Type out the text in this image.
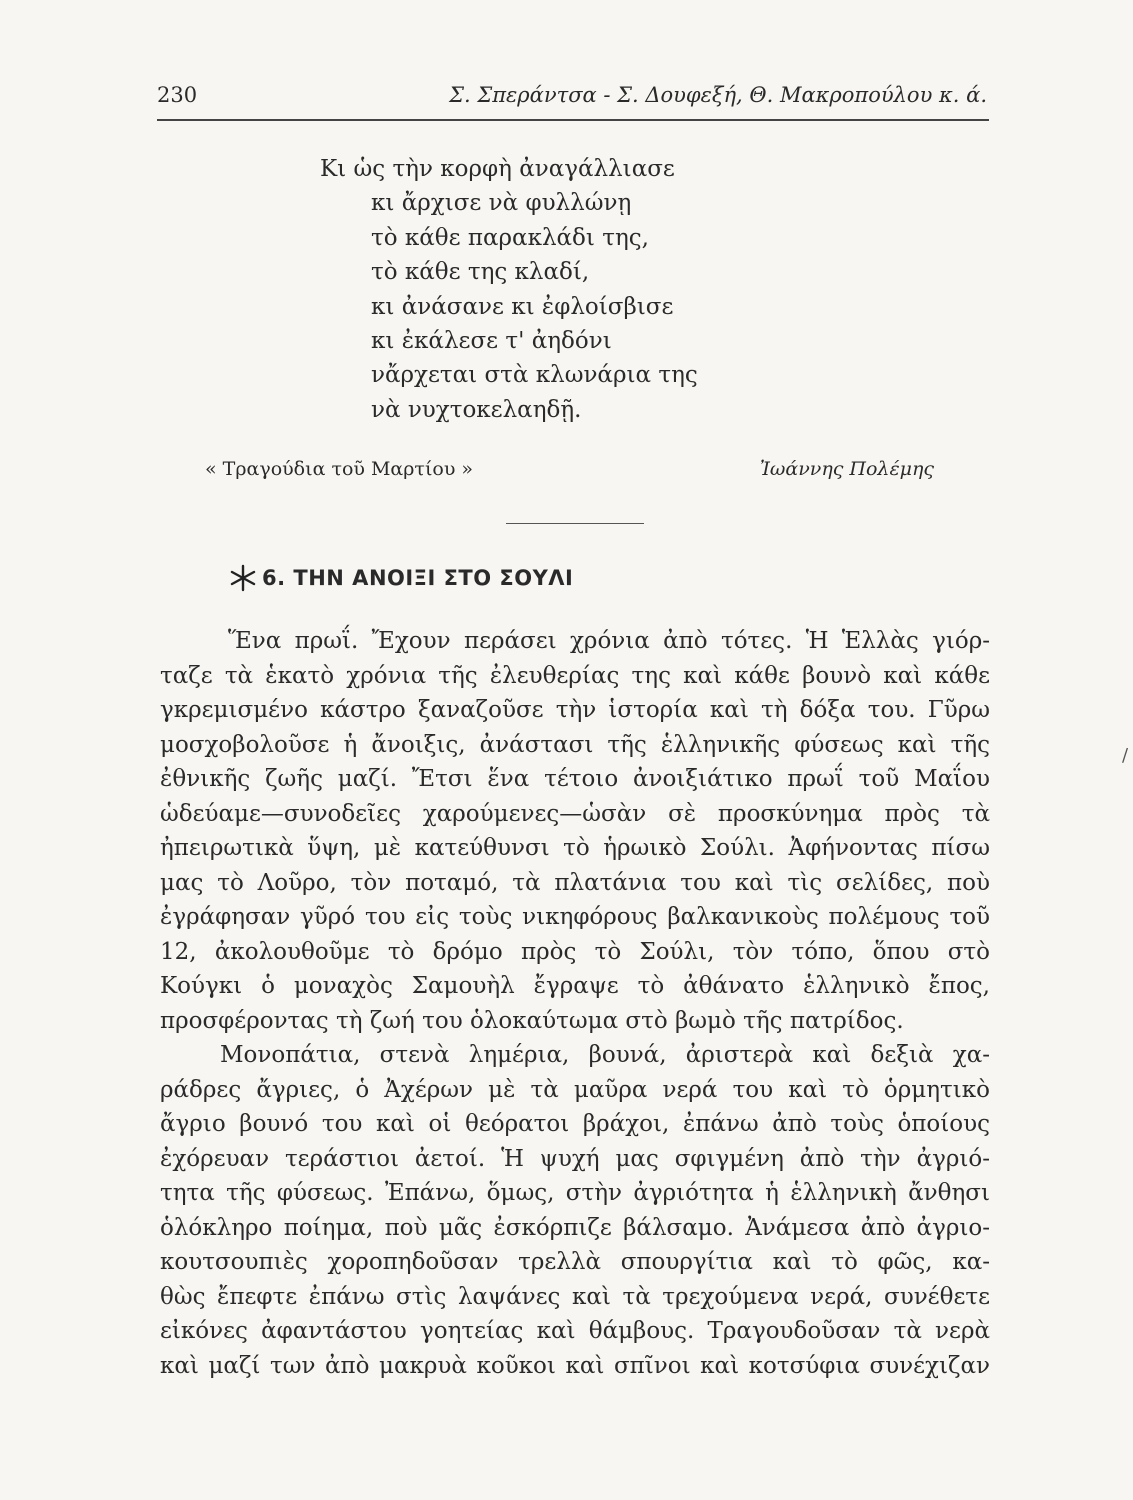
230	Σ. Σπεράντσα - Σ. Δουφεξή, Θ. Μακροπούλου κ. ά.
Κι ὡς τὴν κορφὴ ἀναγάλλιασε
κι ἄρχισε νὰ φυλλώνῃ
τὸ κάθε παρακλάδι της,
τὸ κάθε της κλαδί,
κι ἀνάσανε κι ἐφλοίσβισε
κι ἐκάλεσε τ' ἀηδόνι
νἄρχεται στὰ κλωνάρια της
νὰ νυχτοκελαηδῇ.
« Τραγούδια τοῦ Μαρτίου »	Ἰωάννης Πολέμης
6. ΤΗΝ ΑΝΟΙΞΙ ΣΤΟ ΣΟΥΛΙ
Ἕνα πρωΐ. Ἔχουν περάσει χρόνια ἀπὸ τότες. Ἡ Ἑλλὰς γιόρ-
ταζε τὰ ἑκατὸ χρόνια τῆς ἐλευθερίας της καὶ κάθε βουνὸ καὶ κάθε
γκρεμισμένο κάστρο ξαναζοῦσε τὴν ἱστορία καὶ τὴ δόξα του. Γῦρω
μοσχοβολοῦσε ἡ ἄνοιξις, ἀνάστασι τῆς ἑλληνικῆς φύσεως καὶ τῆς
ἐθνικῆς ζωῆς μαζί. Ἔτσι ἕνα τέτοιο ἀνοιξιάτικο πρωΐ τοῦ Μαΐου
ὡδεύαμε—συνοδεῖες χαρούμενες—ὡσὰν σὲ προσκύνημα πρὸς τὰ
ἠπειρωτικὰ ὕψη, μὲ κατεύθυνσι τὸ ἡρωικὸ Σούλι. Ἀφήνοντας πίσω
μας τὸ Λοῦρο, τὸν ποταμό, τὰ πλατάνια του καὶ τὶς σελίδες, ποὺ
ἐγράφησαν γῦρό του εἰς τοὺς νικηφόρους βαλκανικοὺς πολέμους τοῦ
12, ἀκολουθοῦμε τὸ δρόμο πρὸς τὸ Σούλι, τὸν τόπο, ὅπου στὸ
Κούγκι ὁ μοναχὸς Σαμουὴλ ἔγραψε τὸ ἀθάνατο ἑλληνικὸ ἔπος,
προσφέροντας τὴ ζωή του ὁλοκαύτωμα στὸ βωμὸ τῆς πατρίδος.
Μονοπάτια, στενὰ λημέρια, βουνά, ἀριστερὰ καὶ δεξιὰ χα-
ράδρες ἄγριες, ὁ Ἀχέρων μὲ τὰ μαῦρα νερά του καὶ τὸ ὁρμητικὸ
ἄγριο βουνό του καὶ οἱ θεόρατοι βράχοι, ἐπάνω ἀπὸ τοὺς ὁποίους
ἐχόρευαν τεράστιοι ἀετοί. Ἡ ψυχή μας σφιγμένη ἀπὸ τὴν ἀγριό-
τητα τῆς φύσεως. Ἐπάνω, ὅμως, στὴν ἀγριότητα ἡ ἑλληνικὴ ἄνθησι
ὁλόκληρο ποίημα, ποὺ μᾶς ἐσκόρπιζε βάλσαμο. Ἀνάμεσα ἀπὸ ἀγριο-
κουτσουπιὲς χοροπηδοῦσαν τρελλὰ σπουργίτια καὶ τὸ φῶς, κα-
θὼς ἔπεφτε ἐπάνω στὶς λαψάνες καὶ τὰ τρεχούμενα νερά, συνέθετε
εἰκόνες ἀφαντάστου γοητείας καὶ θάμβους. Τραγουδοῦσαν τὰ νερὰ
καὶ μαζί των ἀπὸ μακρυὰ κοῦκοι καὶ σπῖνοι καὶ κοτσύφια συνέχιζαν
/
